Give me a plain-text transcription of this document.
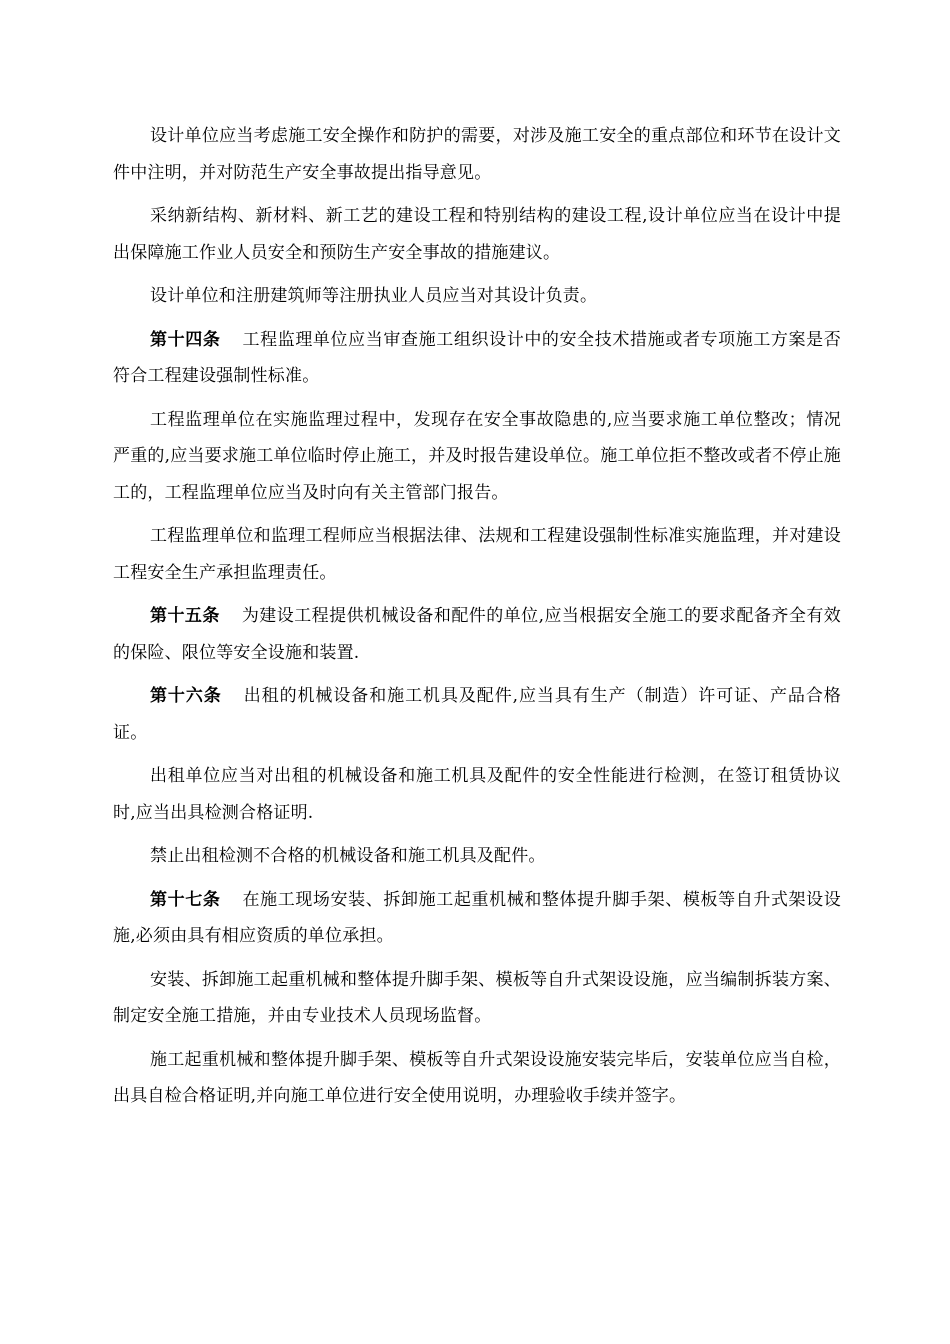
设计单位应当考虑施工安全操作和防护的需要，对涉及施工安全的重点部位和环节在设计文件中注明，并对防范生产安全事故提出指导意见。

采纳新结构、新材料、新工艺的建设工程和特别结构的建设工程,设计单位应当在设计中提出保障施工作业人员安全和预防生产安全事故的措施建议。

设计单位和注册建筑师等注册执业人员应当对其设计负责。

第十四条 工程监理单位应当审查施工组织设计中的安全技术措施或者专项施工方案是否符合工程建设强制性标准。

工程监理单位在实施监理过程中，发现存在安全事故隐患的,应当要求施工单位整改；情况严重的,应当要求施工单位临时停止施工，并及时报告建设单位。施工单位拒不整改或者不停止施工的，工程监理单位应当及时向有关主管部门报告。

工程监理单位和监理工程师应当根据法律、法规和工程建设强制性标准实施监理，并对建设工程安全生产承担监理责任。

第十五条 为建设工程提供机械设备和配件的单位,应当根据安全施工的要求配备齐全有效的保险、限位等安全设施和装置.

第十六条 出租的机械设备和施工机具及配件,应当具有生产（制造）许可证、产品合格证。

出租单位应当对出租的机械设备和施工机具及配件的安全性能进行检测，在签订租赁协议时,应当出具检测合格证明.

禁止出租检测不合格的机械设备和施工机具及配件。

第十七条 在施工现场安装、拆卸施工起重机械和整体提升脚手架、模板等自升式架设设施,必须由具有相应资质的单位承担。

安装、拆卸施工起重机械和整体提升脚手架、模板等自升式架设设施，应当编制拆装方案、制定安全施工措施，并由专业技术人员现场监督。

施工起重机械和整体提升脚手架、模板等自升式架设设施安装完毕后，安装单位应当自检，出具自检合格证明,并向施工单位进行安全使用说明，办理验收手续并签字。
